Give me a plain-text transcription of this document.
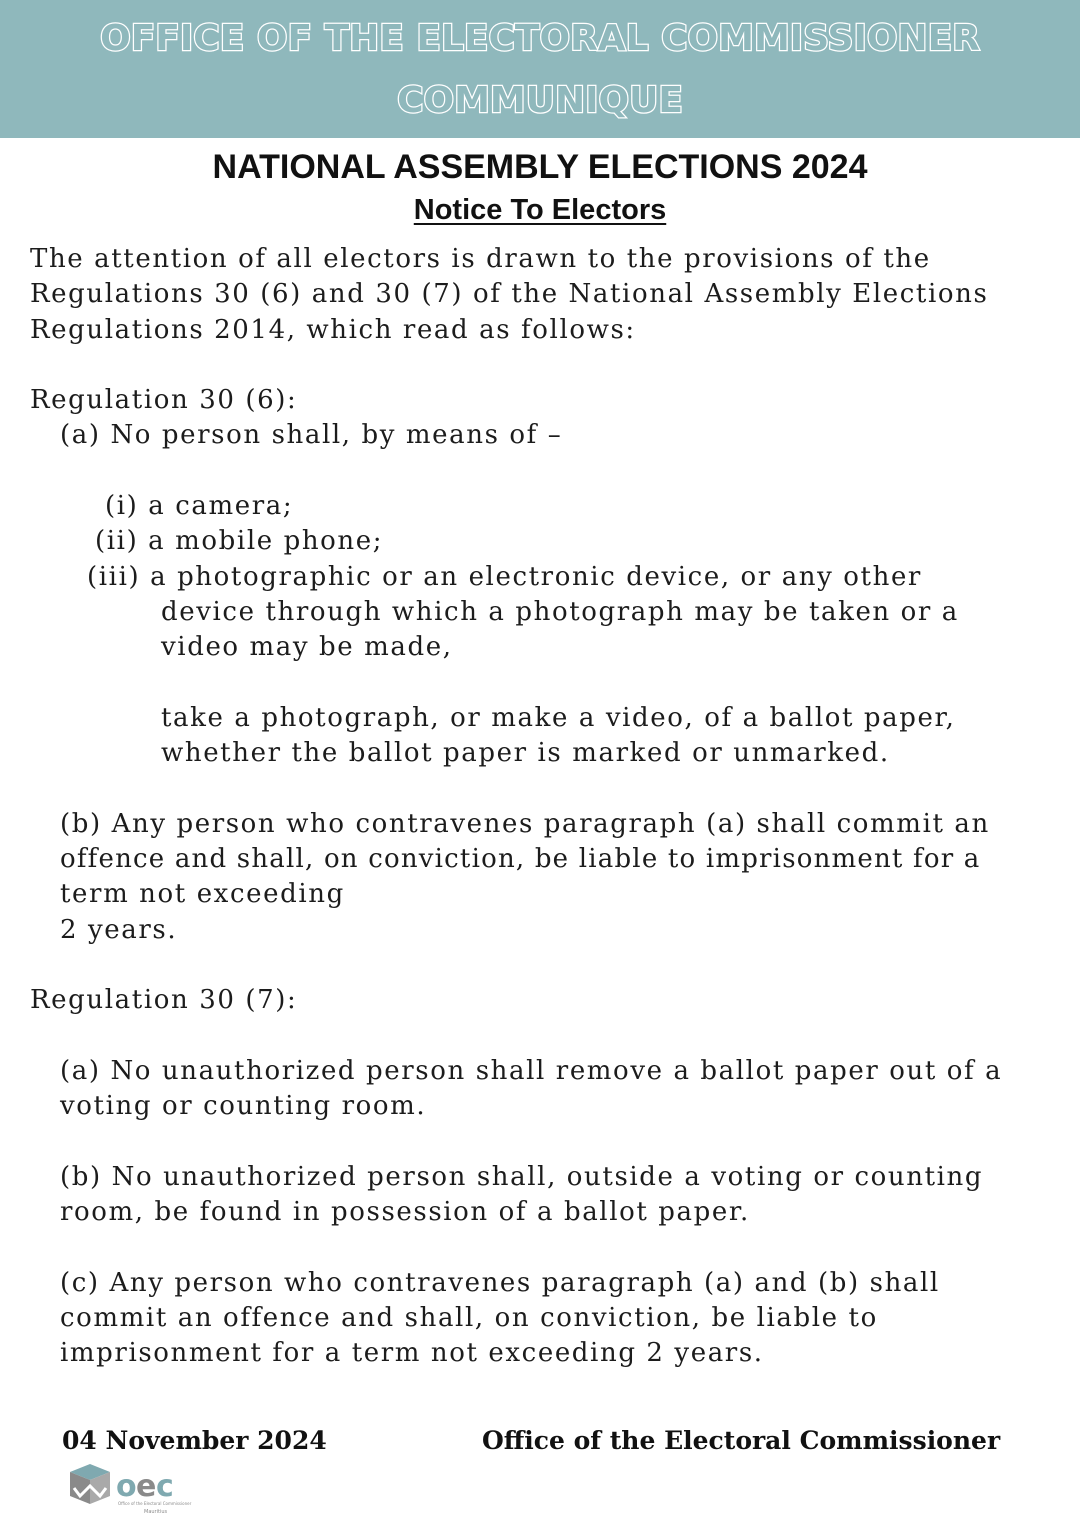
OFFICE OF THE ELECTORAL COMMISSIONER
COMMUNIQUE
NATIONAL ASSEMBLY ELECTIONS 2024
Notice To Electors

The attention of all electors is drawn to the provisions of the

Regulations 30 (6) and 30 (7) of the National Assembly Elections

Regulations 2014, which read as follows:

Regulation 30 (6):

(a) No person shall, by means of –

(i) a camera;

(ii) a mobile phone;

(iii) a photographic or an electronic device, or any other

device through which a photograph may be taken or a

video may be made,

take a photograph, or make a video, of a ballot paper,

whether the ballot paper is marked or unmarked.

(b) Any person who contravenes paragraph (a) shall commit an

offence and shall, on conviction, be liable to imprisonment for a

term not exceeding

2 years.

Regulation 30 (7):

(a) No unauthorized person shall remove a ballot paper out of a

voting or counting room.

(b) No unauthorized person shall, outside a voting or counting

room, be found in possession of a ballot paper.

(c) Any person who contravenes paragraph (a) and (b) shall

commit an offence and shall, on conviction, be liable to

imprisonment for a term not exceeding 2 years.

04 November 2024	Office of the Electoral Commissioner
o e c
Office of the Electoral Commissioner
Mauritius
